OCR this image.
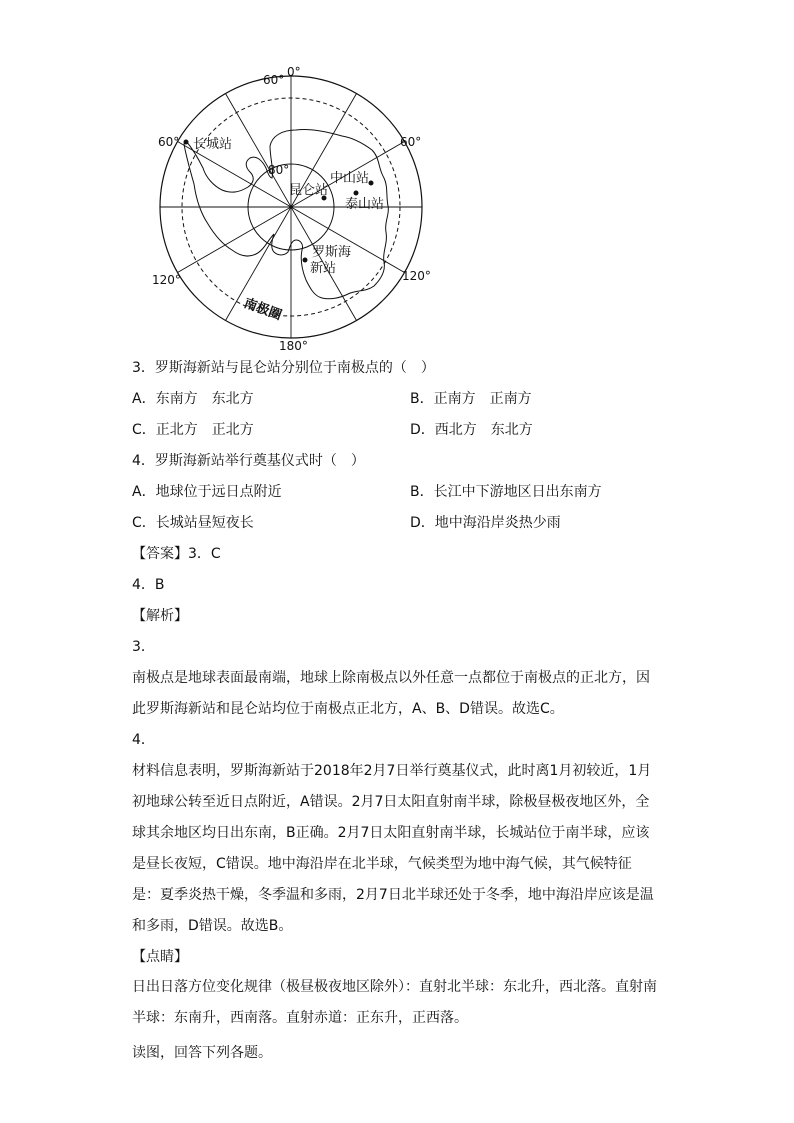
0°
60°
60°	60°
120°	120°
180°
80°
长城站
昆仑站
中山站
泰山站
罗斯海
新站
南极圈
3．罗斯海新站与昆仑站分别位于南极点的（　）
A．东南方　东北方	B．正南方　正南方
C．正北方　正北方	D．西北方　东北方
4．罗斯海新站举行奠基仪式时（　）
A．地球位于远日点附近	B．长江中下游地区日出东南方
C．长城站昼短夜长	D．地中海沿岸炎热少雨
【答案】3．C
4．B
【解析】
3．
南极点是地球表面最南端，地球上除南极点以外任意一点都位于南极点的正北方，因此罗斯海新站和昆仑站均位于南极点正北方，A、B、D错误。故选C。
4．
材料信息表明，罗斯海新站于2018年2月7日举行奠基仪式，此时离1月初较近，1月初地球公转至近日点附近，A错误。2月7日太阳直射南半球，除极昼极夜地区外，全球其余地区均日出东南，B正确。2月7日太阳直射南半球，长城站位于南半球，应该是昼长夜短，C错误。地中海沿岸在北半球，气候类型为地中海气候，其气候特征是：夏季炎热干燥，冬季温和多雨，2月7日北半球还处于冬季，地中海沿岸应该是温和多雨，D错误。故选B。
【点睛】
日出日落方位变化规律（极昼极夜地区除外）：直射北半球：东北升，西北落。直射南半球：东南升，西南落。直射赤道：正东升，正西落。
读图，回答下列各题。
